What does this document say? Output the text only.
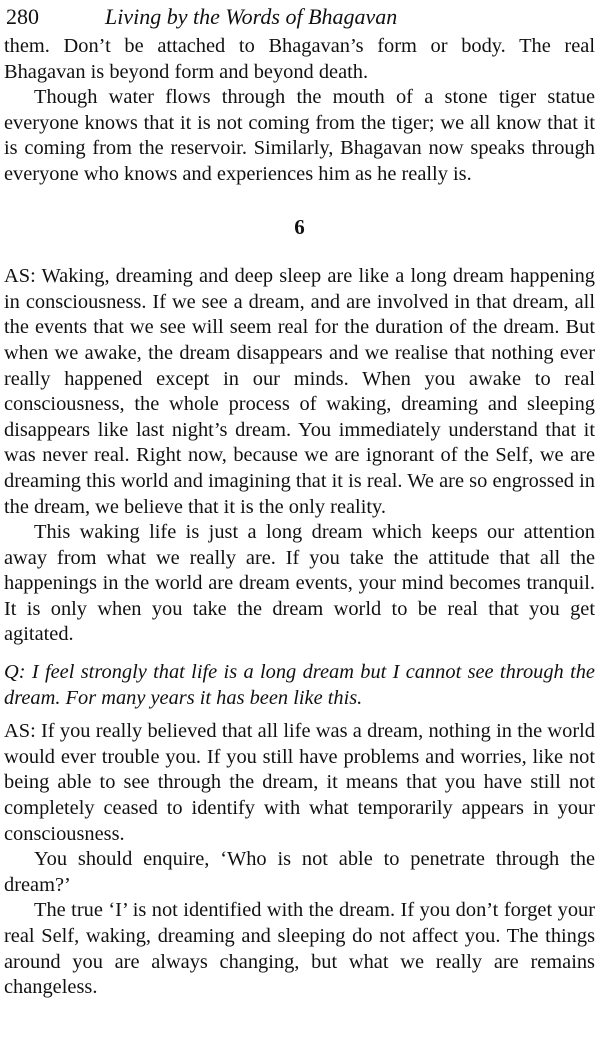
280	Living by the Words of Bhagavan

them. Don’t be attached to Bhagavan’s form or body. The real Bhagavan is beyond form and beyond death.

Though water flows through the mouth of a stone tiger statue everyone knows that it is not coming from the tiger; we all know that it is coming from the reservoir. Similarly, Bhagavan now speaks through everyone who knows and experiences him as he really is.

6

AS: Waking, dreaming and deep sleep are like a long dream happening in consciousness. If we see a dream, and are involved in that dream, all the events that we see will seem real for the duration of the dream. But when we awake, the dream disappears and we realise that nothing ever really happened except in our minds. When you awake to real consciousness, the whole process of waking, dreaming and sleeping disappears like last night’s dream. You immediately understand that it was never real. Right now, because we are ignorant of the Self, we are dreaming this world and imagining that it is real. We are so engrossed in the dream, we believe that it is the only reality.

This waking life is just a long dream which keeps our attention away from what we really are. If you take the attitude that all the happenings in the world are dream events, your mind becomes tranquil. It is only when you take the dream world to be real that you get agitated.

Q: I feel strongly that life is a long dream but I cannot see through the dream. For many years it has been like this.

AS: If you really believed that all life was a dream, nothing in the world would ever trouble you. If you still have problems and worries, like not being able to see through the dream, it means that you have still not completely ceased to identify with what temporarily appears in your consciousness.

You should enquire, ‘Who is not able to penetrate through the dream?’

The true ‘I’ is not identified with the dream. If you don’t forget your real Self, waking, dreaming and sleeping do not affect you. The things around you are always changing, but what we really are remains changeless.
